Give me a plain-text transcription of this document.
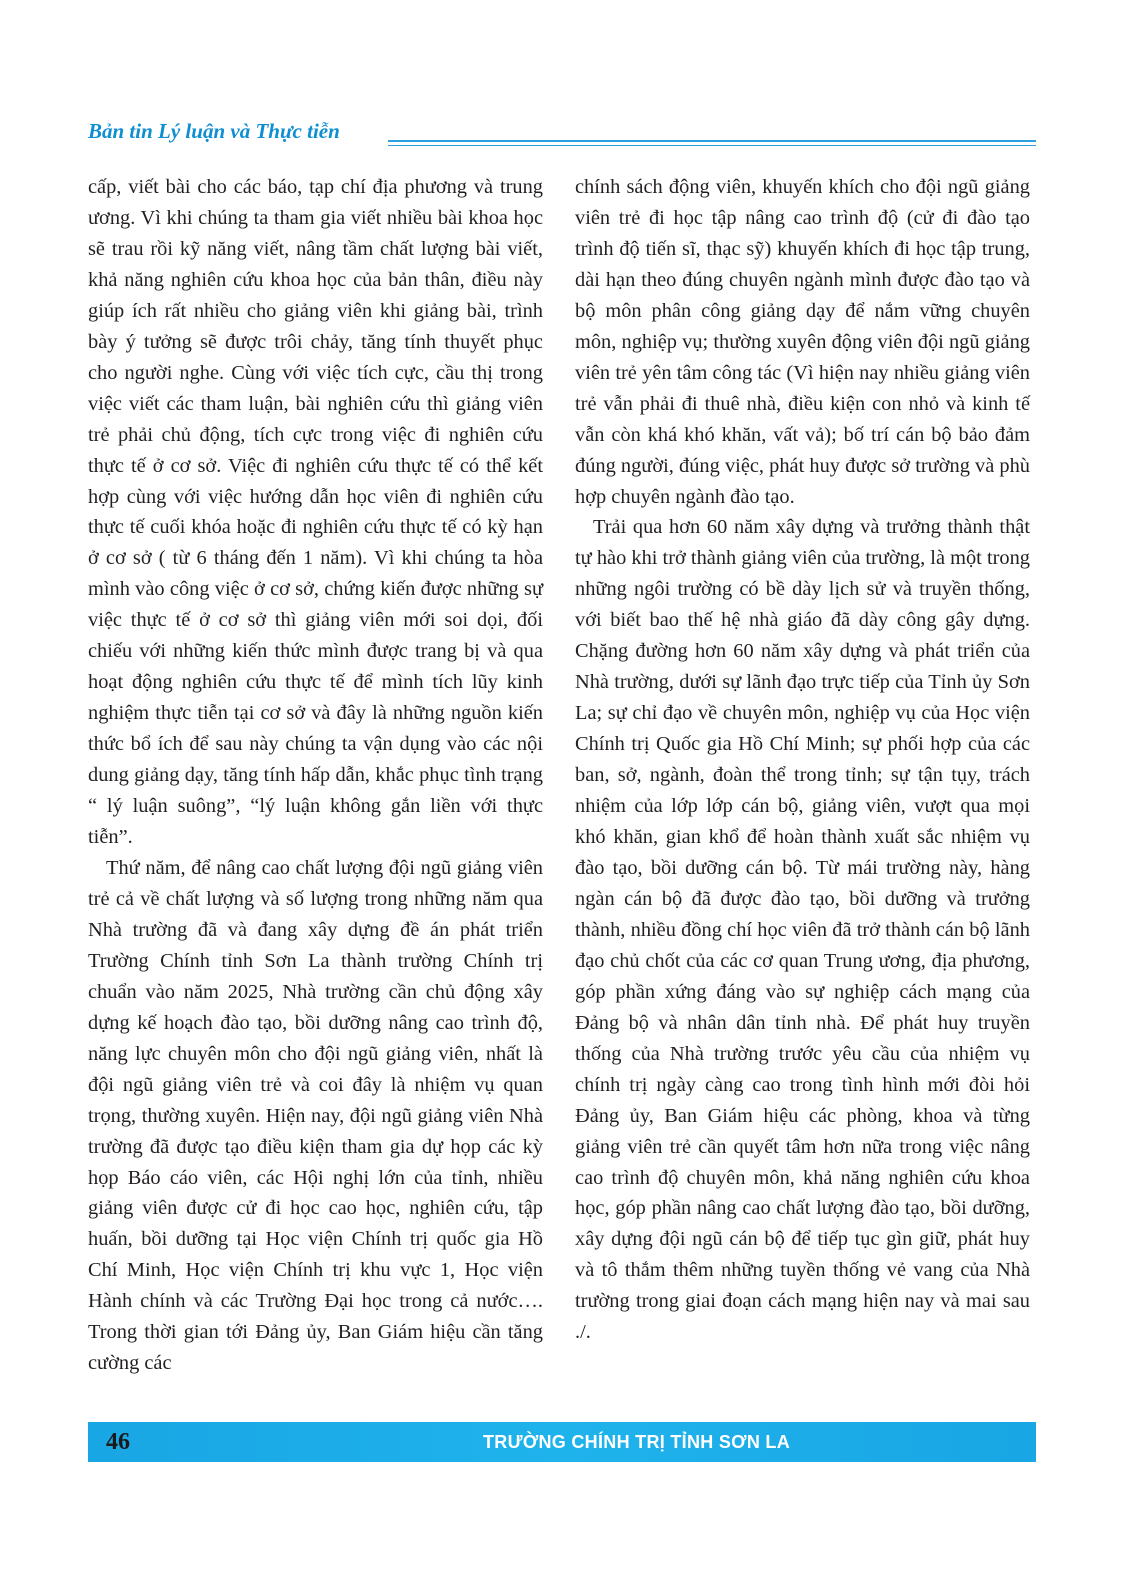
Bản tin Lý luận và Thực tiễn

cấp, viết bài cho các báo, tạp chí địa phương và trung ương. Vì khi chúng ta tham gia viết nhiều bài khoa học sẽ trau rồi kỹ năng viết, nâng tầm chất lượng bài viết, khả năng nghiên cứu khoa học của bản thân, điều này giúp ích rất nhiều cho giảng viên khi giảng bài, trình bày ý tưởng sẽ được trôi chảy, tăng tính thuyết phục cho người nghe. Cùng với việc tích cực, cầu thị trong việc viết các tham luận, bài nghiên cứu thì giảng viên trẻ phải chủ động, tích cực trong việc đi nghiên cứu thực tế ở cơ sở. Việc đi nghiên cứu thực tế có thể kết hợp cùng với việc hướng dẫn học viên đi nghiên cứu thực tế cuối khóa hoặc đi nghiên cứu thực tế có kỳ hạn ở cơ sở ( từ 6 tháng đến 1 năm). Vì khi chúng ta hòa mình vào công việc ở cơ sở, chứng kiến được những sự việc thực tế ở cơ sở thì giảng viên mới soi dọi, đối chiếu với những kiến thức mình được trang bị và qua hoạt động nghiên cứu thực tế để mình tích lũy kinh nghiệm thực tiễn tại cơ sở và đây là những nguồn kiến thức bổ ích để sau này chúng ta vận dụng vào các nội dung giảng dạy, tăng tính hấp dẫn, khắc phục tình trạng “ lý luận suông”, “lý luận không gắn liền với thực tiễn”.

Thứ năm, để nâng cao chất lượng đội ngũ giảng viên trẻ cả về chất lượng và số lượng trong những năm qua Nhà trường đã và đang xây dựng đề án phát triển Trường Chính tỉnh Sơn La thành trường Chính trị chuẩn vào năm 2025, Nhà trường cần chủ động xây dựng kế hoạch đào tạo, bồi dưỡng nâng cao trình độ, năng lực chuyên môn cho đội ngũ giảng viên, nhất là đội ngũ giảng viên trẻ và coi đây là nhiệm vụ quan trọng, thường xuyên. Hiện nay, đội ngũ giảng viên Nhà trường đã được tạo điều kiện tham gia dự họp các kỳ họp Báo cáo viên, các Hội nghị lớn của tỉnh, nhiều giảng viên được cử đi học cao học, nghiên cứu, tập huấn, bồi dưỡng tại Học viện Chính trị quốc gia Hồ Chí Minh, Học viện Chính trị khu vực 1, Học viện Hành chính và các Trường Đại học trong cả nước…. Trong thời gian tới Đảng ủy, Ban Giám hiệu cần tăng cường các

chính sách động viên, khuyến khích cho đội ngũ giảng viên trẻ đi học tập nâng cao trình độ (cử đi đào tạo trình độ tiến sĩ, thạc sỹ) khuyến khích đi học tập trung, dài hạn theo đúng chuyên ngành mình được đào tạo và bộ môn phân công giảng dạy để nắm vững chuyên môn, nghiệp vụ; thường xuyên động viên đội ngũ giảng viên trẻ yên tâm công tác (Vì hiện nay nhiều giảng viên trẻ vẫn phải đi thuê nhà, điều kiện con nhỏ và kinh tế vẫn còn khá khó khăn, vất vả); bố trí cán bộ bảo đảm đúng người, đúng việc, phát huy được sở trường và phù hợp chuyên ngành đào tạo.

Trải qua hơn 60 năm xây dựng và trưởng thành thật tự hào khi trở thành giảng viên của trường, là một trong những ngôi trường có bề dày lịch sử và truyền thống, với biết bao thế hệ nhà giáo đã dày công gây dựng. Chặng đường hơn 60 năm xây dựng và phát triển của Nhà trường, dưới sự lãnh đạo trực tiếp của Tỉnh ủy Sơn La; sự chỉ đạo về chuyên môn, nghiệp vụ của Học viện Chính trị Quốc gia Hồ Chí Minh; sự phối hợp của các ban, sở, ngành, đoàn thể trong tỉnh; sự tận tụy, trách nhiệm của lớp lớp cán bộ, giảng viên, vượt qua mọi khó khăn, gian khổ để hoàn thành xuất sắc nhiệm vụ đào tạo, bồi dưỡng cán bộ. Từ mái trường này, hàng ngàn cán bộ đã được đào tạo, bồi dưỡng và trưởng thành, nhiều đồng chí học viên đã trở thành cán bộ lãnh đạo chủ chốt của các cơ quan Trung ương, địa phương, góp phần xứng đáng vào sự nghiệp cách mạng của Đảng bộ và nhân dân tỉnh nhà. Để phát huy truyền thống của Nhà trường trước yêu cầu của nhiệm vụ chính trị ngày càng cao trong tình hình mới đòi hỏi Đảng ủy, Ban Giám hiệu các phòng, khoa và từng giảng viên trẻ cần quyết tâm hơn nữa trong việc nâng cao trình độ chuyên môn, khả năng nghiên cứu khoa học, góp phần nâng cao chất lượng đào tạo, bồi dưỡng, xây dựng đội ngũ cán bộ để tiếp tục gìn giữ, phát huy và tô thắm thêm những tuyền thống vẻ vang của Nhà trường trong giai đoạn cách mạng hiện nay và mai sau ./.

46	TRƯỜNG CHÍNH TRỊ TỈNH SƠN LA
